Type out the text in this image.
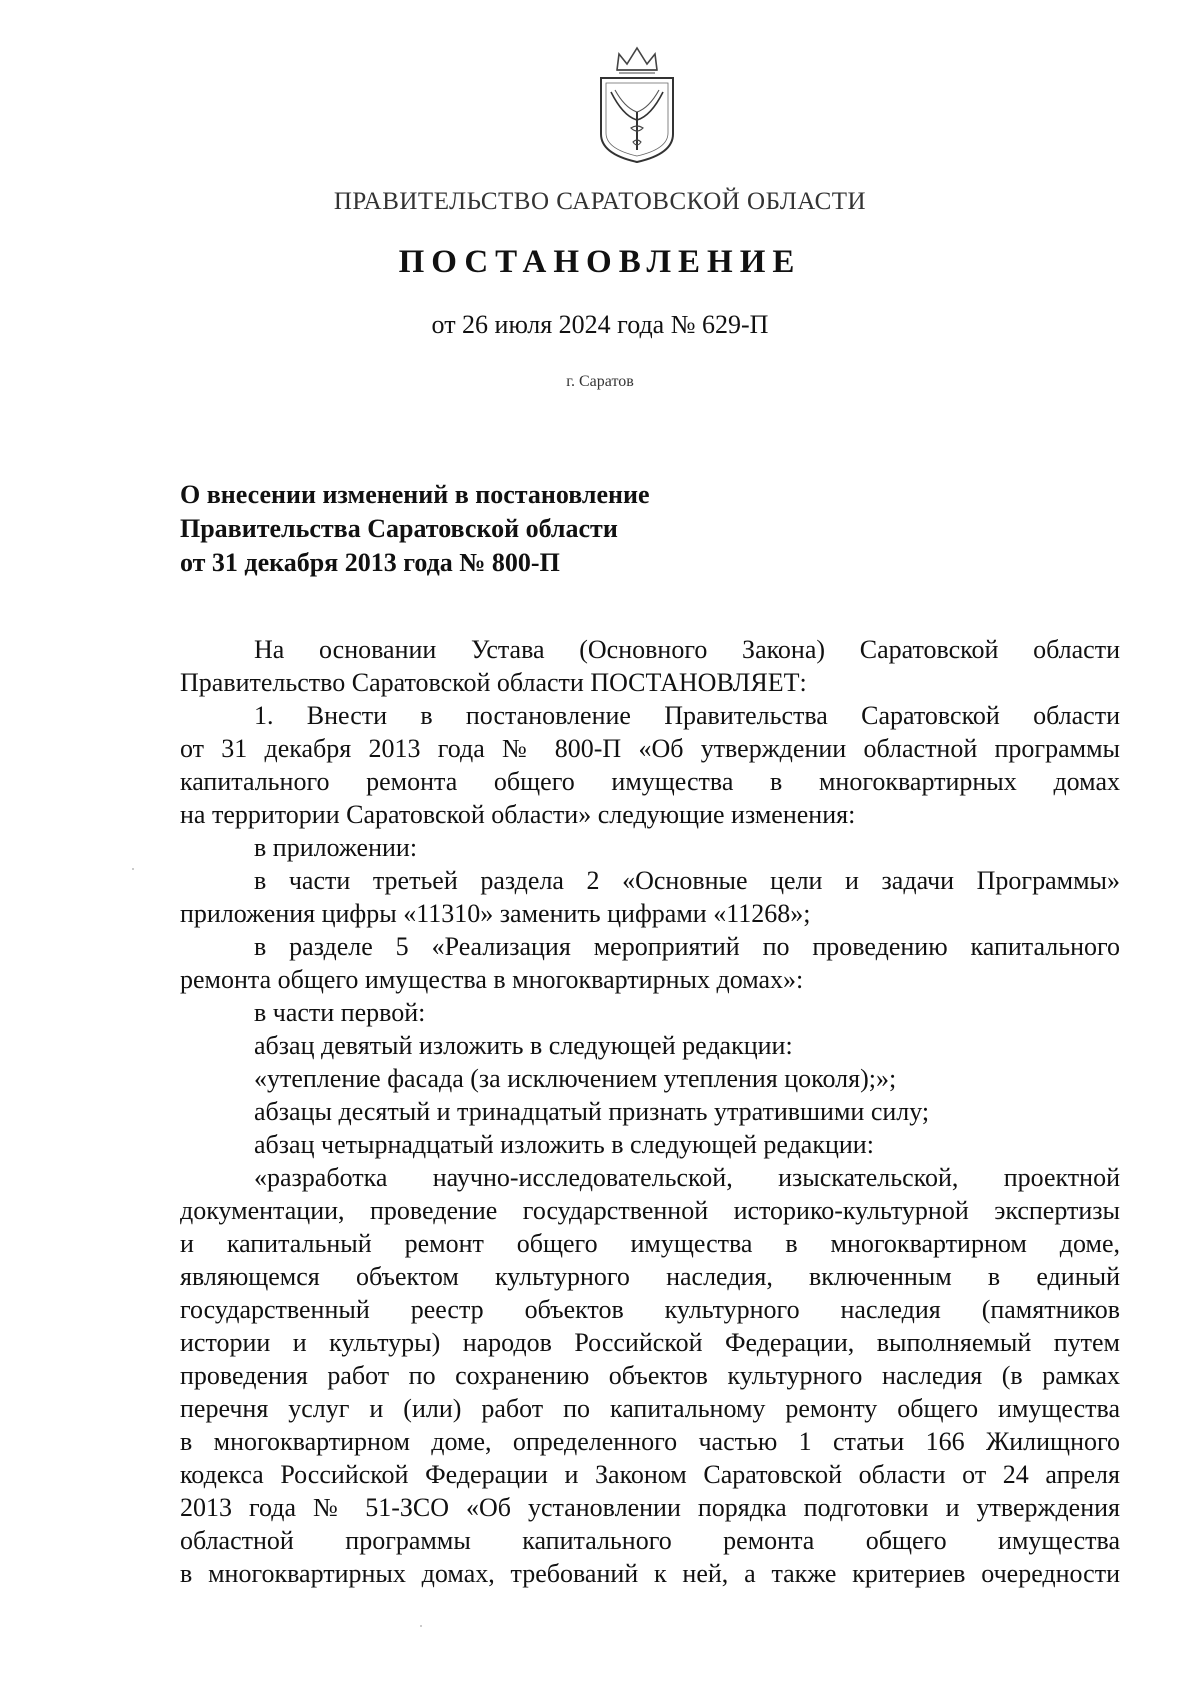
ПРАВИТЕЛЬСТВО САРАТОВСКОЙ ОБЛАСТИ
ПОСТАНОВЛЕНИЕ
от 26 июля 2024 года № 629-П
г. Саратов
О внесении изменений в постановление
Правительства Саратовской области
от 31 декабря 2013 года № 800-П

На основании Устава (Основного Закона) Саратовской области

Правительство Саратовской области ПОСТАНОВЛЯЕТ:

1. Внести в постановление Правительства Саратовской области

от 31 декабря 2013 года № 800-П «Об утверждении областной программы

капитального ремонта общего имущества в многоквартирных домах

на территории Саратовской области» следующие изменения:

в приложении:

в части третьей раздела 2 «Основные цели и задачи Программы»

приложения цифры «11310» заменить цифрами «11268»;

в разделе 5 «Реализация мероприятий по проведению капитального

ремонта общего имущества в многоквартирных домах»:

в части первой:

абзац девятый изложить в следующей редакции:

«утепление фасада (за исключением утепления цоколя);»;

абзацы десятый и тринадцатый признать утратившими силу;

абзац четырнадцатый изложить в следующей редакции:

«разработка научно-исследовательской, изыскательской, проектной

документации, проведение государственной историко-культурной экспертизы

и капитальный ремонт общего имущества в многоквартирном доме,

являющемся объектом культурного наследия, включенным в единый

государственный реестр объектов культурного наследия (памятников

истории и культуры) народов Российской Федерации, выполняемый путем

проведения работ по сохранению объектов культурного наследия (в рамках

перечня услуг и (или) работ по капитальному ремонту общего имущества

в многоквартирном доме, определенного частью 1 статьи 166 Жилищного

кодекса Российской Федерации и Законом Саратовской области от 24 апреля

2013 года № 51-ЗСО «Об установлении порядка подготовки и утверждения

областной программы капитального ремонта общего имущества

в многоквартирных домах, требований к ней, а также критериев очередности
